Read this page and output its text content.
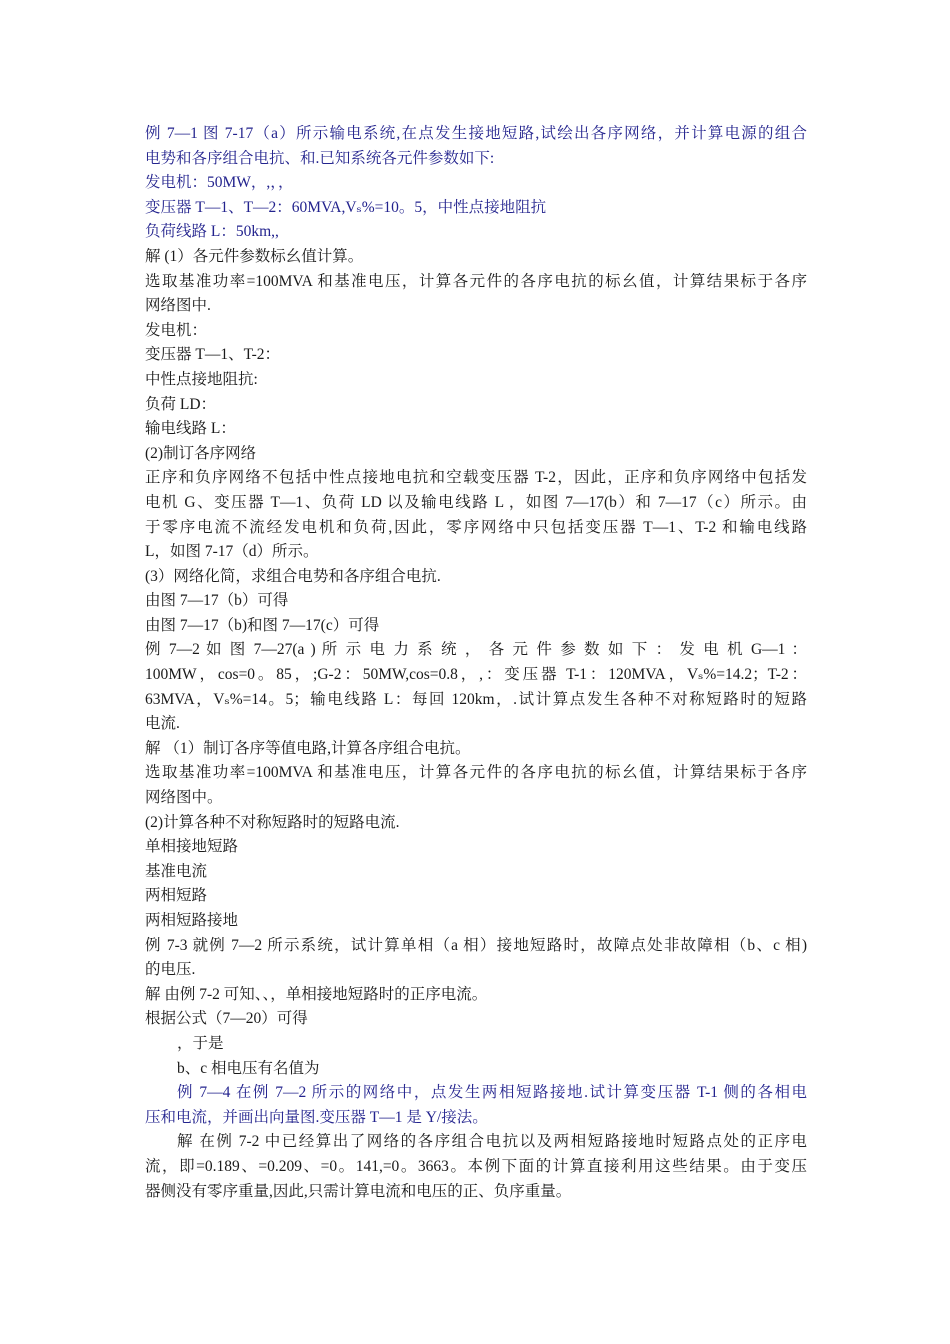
例 7—1 图 7-17（a）所示输电系统,在点发生接地短路,试绘出各序网络，并计算电源的组合
电势和各序组合电抗、和.已知系统各元件参数如下:
发电机：50MW，,，，
变压器 T—1、T—2：60MVA,Vₛ%=10。5，中性点接地阻抗
负荷线路 L：50km,,
解 (1）各元件参数标幺值计算。
选取基准功率=100MVA 和基准电压，计算各元件的各序电抗的标幺值，计算结果标于各序
网络图中.
发电机：
变压器 T—1、T-2：
中性点接地阻抗:
负荷 LD：
输电线路 L：
(2)制订各序网络
正序和负序网络不包括中性点接地电抗和空载变压器 T-2，因此，正序和负序网络中包括发
电机 G、变压器 T—1、负荷 LD 以及输电线路 L ，如图 7—17(b）和 7—17（c）所示。由
于零序电流不流经发电机和负荷,因此，零序网络中只包括变压器 T—1、T-2 和输电线路
L，如图 7-17（d）所示。
(3）网络化简，求组合电势和各序组合电抗.
由图 7—17（b）可得
由图 7—17（b)和图 7—17(c）可得
例 7—2 如 图 7—27(a ) 所 示 电 力 系 统 ， 各 元 件 参 数 如 下 ： 发 电 机 G—1 ：
100MW，cos=0。85，;G-2：50MW,cos=0.8，,：变压器 T-1：120MVA，Vₛ%=14.2；T-2：
63MVA，Vₛ%=14。5；输电线路 L：每回 120km，.试计算点发生各种不对称短路时的短路
电流.
解 （1）制订各序等值电路,计算各序组合电抗。
选取基准功率=100MVA 和基准电压，计算各元件的各序电抗的标幺值，计算结果标于各序
网络图中。
(2)计算各种不对称短路时的短路电流.
单相接地短路
基准电流
两相短路
两相短路接地
例 7-3 就例 7—2 所示系统，试计算单相（a 相）接地短路时，故障点处非故障相（b、c 相)
的电压.
解 由例 7-2 可知、、，单相接地短路时的正序电流。
根据公式（7—20）可得
，于是
b、c 相电压有名值为
例 7—4 在例 7—2 所示的网络中，点发生两相短路接地.试计算变压器 T-1 侧的各相电
压和电流，并画出向量图.变压器 T—1 是 Y/接法。
解 在例 7-2 中已经算出了网络的各序组合电抗以及两相短路接地时短路点处的正序电
流，即=0.189、=0.209、=0。141,=0。3663。本例下面的计算直接利用这些结果。由于变压
器侧没有零序重量,因此,只需计算电流和电压的正、负序重量。
